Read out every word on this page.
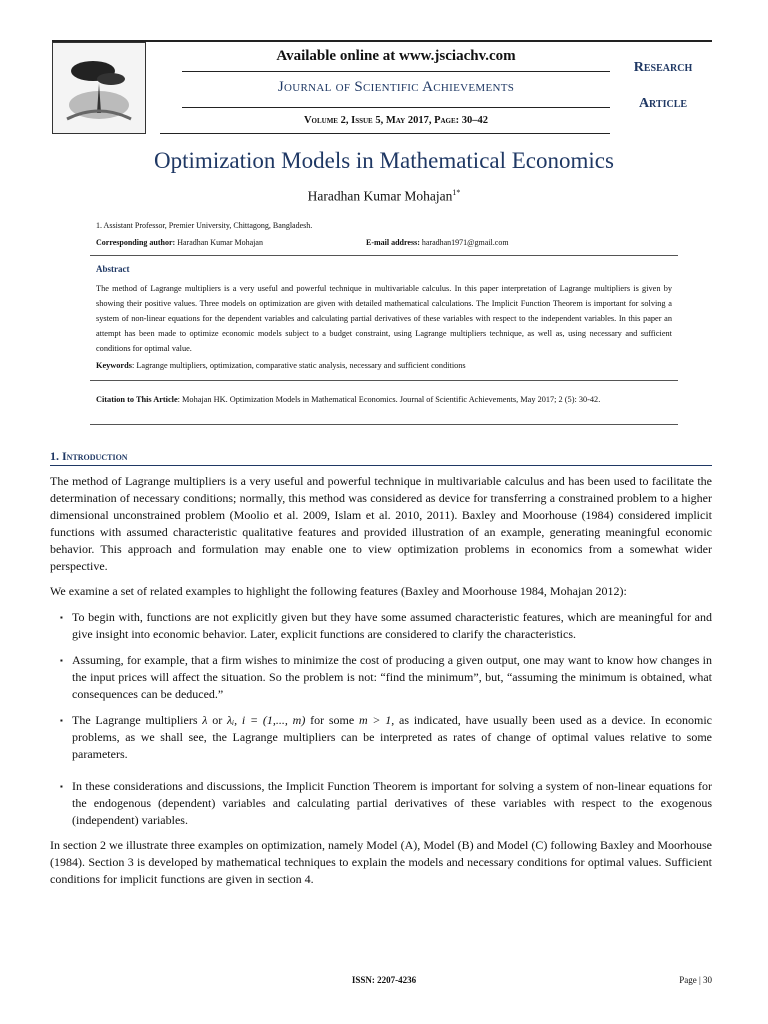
Available online at www.jsciachv.com
Journal of Scientific Achievements
Volume 2, Issue 5, May 2017, Page: 30–42
Research
Article
Optimization Models in Mathematical Economics
Haradhan Kumar Mohajan$^{1*}$
1. Assistant Professor, Premier University, Chittagong, Bangladesh.
Corresponding author: Haradhan Kumar Mohajan	E-mail address: haradhan1971@gmail.com
Abstract
The method of Lagrange multipliers is a very useful and powerful technique in multivariable calculus. In this paper interpretation of Lagrange multipliers is given by showing their positive values. Three models on optimization are given with detailed mathematical calculations. The Implicit Function Theorem is important for solving a system of non-linear equations for the dependent variables and calculating partial derivatives of these variables with respect to the independent variables. In this paper an attempt has been made to optimize economic models subject to a budget constraint, using Lagrange multipliers technique, as well as, using necessary and sufficient conditions for optimal value.
Keywords: Lagrange multipliers, optimization, comparative static analysis, necessary and sufficient conditions
Citation to This Article: Mohajan HK. Optimization Models in Mathematical Economics. Journal of Scientific Achievements, May 2017; 2 (5): 30-42.
1. Introduction
The method of Lagrange multipliers is a very useful and powerful technique in multivariable calculus and has been used to facilitate the determination of necessary conditions; normally, this method was considered as device for transferring a constrained problem to a higher dimensional unconstrained problem (Moolio et al. 2009, Islam et al. 2010, 2011). Baxley and Moorhouse (1984) considered implicit functions with assumed characteristic qualitative features and provided illustration of an example, generating meaningful economic behavior. This approach and formulation may enable one to view optimization problems in economics from a somewhat wider perspective.
We examine a set of related examples to highlight the following features (Baxley and Moorhouse 1984, Mohajan 2012):
▪ To begin with, functions are not explicitly given but they have some assumed characteristic features, which are meaningful for and give insight into economic behavior. Later, explicit functions are considered to clarify the characteristics.
▪ Assuming, for example, that a firm wishes to minimize the cost of producing a given output, one may want to know how changes in the input prices will affect the situation. So the problem is not: “find the minimum”, but, “assuming the minimum is obtained, what consequences can be deduced.”
▪ The Lagrange multipliers λ or λᵢ, i = (1,..., m) for some m > 1, as indicated, have usually been used as a device. In economic problems, as we shall see, the Lagrange multipliers can be interpreted as rates of change of optimal values relative to some parameters.
▪ In these considerations and discussions, the Implicit Function Theorem is important for solving a system of non-linear equations for the endogenous (dependent) variables and calculating partial derivatives of these variables with respect to the exogenous (independent) variables.
In section 2 we illustrate three examples on optimization, namely Model (A), Model (B) and Model (C) following Baxley and Moorhouse (1984). Section 3 is developed by mathematical techniques to explain the models and necessary conditions for optimal values. Sufficient conditions for implicit functions are given in section 4.
ISSN: 2207-4236	Page | 30
